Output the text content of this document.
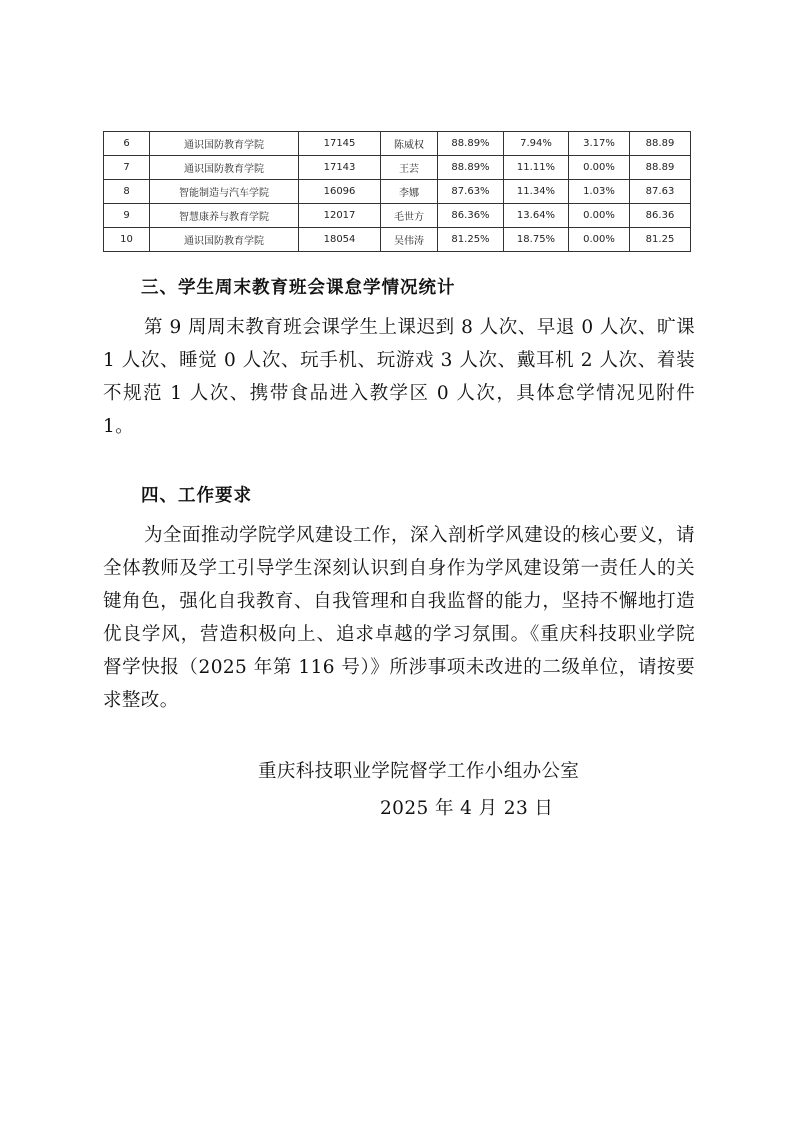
6	通识国防教育学院	17145	陈威权	88.89%	7.94%	3.17%	88.89
7	通识国防教育学院	17143	王芸	88.89%	11.11%	0.00%	88.89
8	智能制造与汽车学院	16096	李娜	87.63%	11.34%	1.03%	87.63
9	智慧康养与教育学院	12017	毛世方	86.36%	13.64%	0.00%	86.36
10	通识国防教育学院	18054	吴伟涛	81.25%	18.75%	0.00%	81.25
三、学生周末教育班会课怠学情况统计
第 9 周周末教育班会课学生上课迟到 8 人次、早退 0 人次、旷课 1 人次、睡觉 0 人次、玩手机、玩游戏 3 人次、戴耳机 2 人次、着装不规范 1 人次、携带食品进入教学区 0 人次，具体怠学情况见附件 1。
四、工作要求
为全面推动学院学风建设工作，深入剖析学风建设的核心要义，请全体教师及学工引导学生深刻认识到自身作为学风建设第一责任人的关键角色，强化自我教育、自我管理和自我监督的能力，坚持不懈地打造优良学风，营造积极向上、追求卓越的学习氛围。《重庆科技职业学院督学快报（2025 年第 116 号）》所涉事项未改进的二级单位，请按要求整改。
重庆科技职业学院督学工作小组办公室
2025 年 4 月 23 日
